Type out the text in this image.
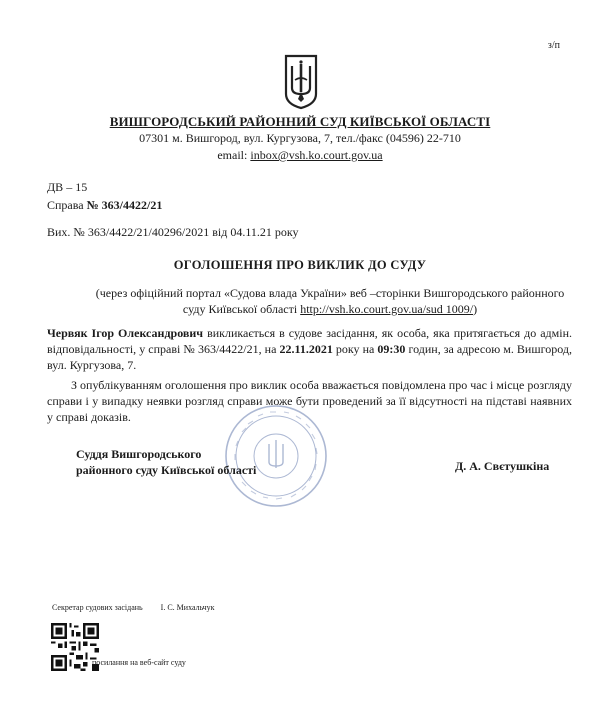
з/п
ВИШГОРОДСЬКИЙ РАЙОННИЙ СУД КИЇВСЬКОЇ ОБЛАСТІ
07301 м. Вишгород, вул. Кургузова, 7, тел./факс (04596) 22-710
email: inbox@vsh.ko.court.gov.ua
ДВ – 15
Справа № 363/4422/21
Вих. № 363/4422/21/40296/2021 від 04.11.21 року
ОГОЛОШЕННЯ ПРО ВИКЛИК ДО СУДУ
(через офіційний портал «Судова влада України» веб –сторінки Вишгородського районного суду Київської області http://vsh.ko.court.gov.ua/sud 1009/)
Червяк Ігор Олександрович викликається в судове засідання, як особа, яка притягається до адмін. відповідальності, у справі № 363/4422/21, на 22.11.2021 року на 09:30 годин, за адресою м. Вишгород, вул. Кургузова, 7.
З опублікуванням оголошення про виклик особа вважається повідомлена про час і місце розгляду справи і у випадку неявки розгляд справи може бути проведений за її відсутності на підставі наявних у справі доказів.
Суддя Вишгородського
районного суду Київської області	Д. А. Свєтушкіна
Секретар судових засідань І. С. Михальчук
посилання на веб-сайт суду
